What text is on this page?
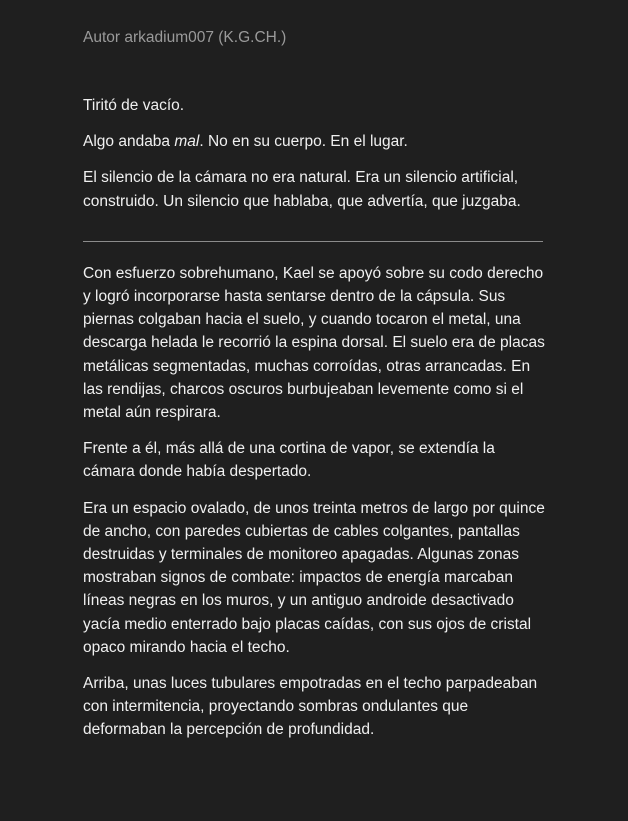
Autor arkadium007 (K.G.CH.)

Tiritó de vacío.

Algo andaba mal. No en su cuerpo. En el lugar.

El silencio de la cámara no era natural. Era un silencio artificial, construido. Un silencio que hablaba, que advertía, que juzgaba.

Con esfuerzo sobrehumano, Kael se apoyó sobre su codo derecho y logró incorporarse hasta sentarse dentro de la cápsula. Sus piernas colgaban hacia el suelo, y cuando tocaron el metal, una descarga helada le recorrió la espina dorsal. El suelo era de placas metálicas segmentadas, muchas corroídas, otras arrancadas. En las rendijas, charcos oscuros burbujeaban levemente como si el metal aún respirara.

Frente a él, más allá de una cortina de vapor, se extendía la cámara donde había despertado.

Era un espacio ovalado, de unos treinta metros de largo por quince de ancho, con paredes cubiertas de cables colgantes, pantallas destruidas y terminales de monitoreo apagadas. Algunas zonas mostraban signos de combate: impactos de energía marcaban líneas negras en los muros, y un antiguo androide desactivado yacía medio enterrado bajo placas caídas, con sus ojos de cristal opaco mirando hacia el techo.

Arriba, unas luces tubulares empotradas en el techo parpadeaban con intermitencia, proyectando sombras ondulantes que deformaban la percepción de profundidad.
